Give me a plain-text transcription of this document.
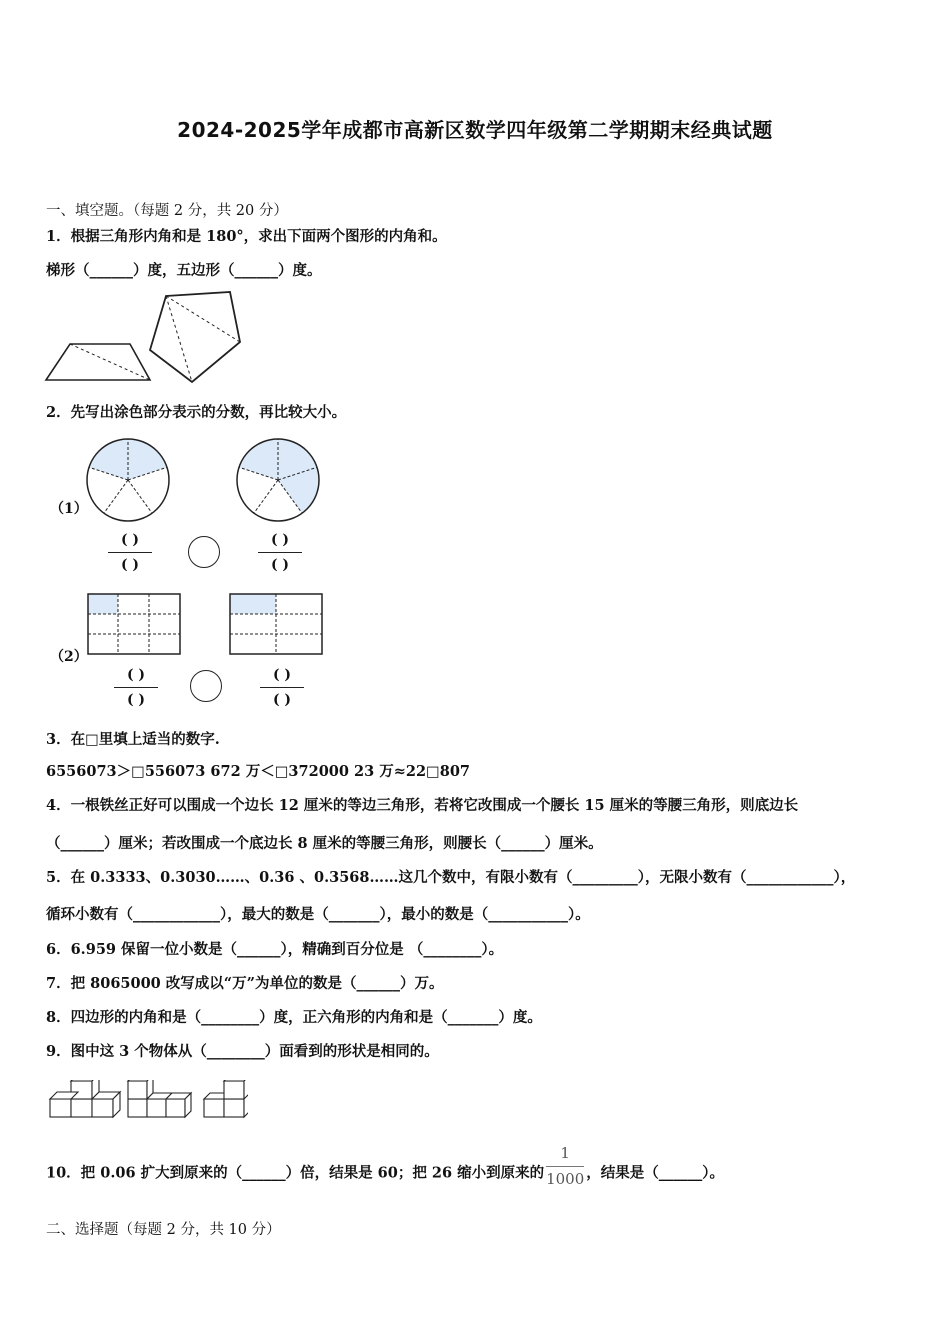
2024-2025学年成都市高新区数学四年级第二学期期末经典试题
一、填空题。（每题 2 分，共 20 分）
1．根据三角形内角和是 180°，求出下面两个图形的内角和。
梯形（______）度，五边形（______）度。
2．先写出涂色部分表示的分数，再比较大小。
（1）
( )
( )
( )
( )
（2）
( )
( )
( )
( )
3．在□里填上适当的数字.
6556073＞□556073 672 万＜□372000 23 万≈22□807
4．一根铁丝正好可以围成一个边长 12 厘米的等边三角形，若将它改围成一个腰长 15 厘米的等腰三角形，则底边长
（______）厘米；若改围成一个底边长 8 厘米的等腰三角形，则腰长（______）厘米。
5．在 0.3333、0.3030……、0.36 、0.3568……这几个数中，有限小数有（_________），无限小数有（____________），
循环小数有（____________），最大的数是（_______），最小的数是（___________）。
6．6.959 保留一位小数是（______），精确到百分位是 （________）。
7．把 8065000 改写成以“万”为单位的数是（______）万。
8．四边形的内角和是（________）度，正六角形的内角和是（_______）度。
9．图中这 3 个物体从（________）面看到的形状是相同的。
10．把 0.06 扩大到原来的（______）倍，结果是 60；把 26 缩小到原来的 $\frac{1}{1000}$ ，结果是（______）。
二、选择题（每题 2 分，共 10 分）
